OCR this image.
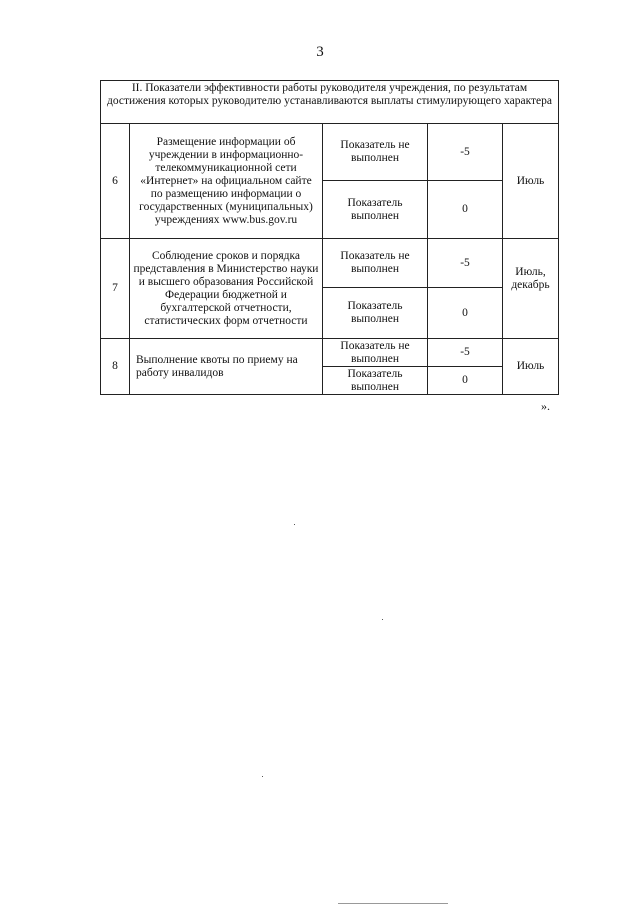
3
II. Показатели эффективности работы руководителя учреждения, по результатам достижения которых руководителю устанавливаются выплаты стимулирующего характера				
6	Размещение информации об учреждении в информационно-телекоммуникационной сети «Интернет» на официальном сайте по размещению информации о государственных (муниципальных) учреждениях www.bus.gov.ru	Показатель не выполнен	-5	Июль
		Показатель выполнен	0	
7	Соблюдение сроков и порядка представления в Министерство науки и высшего образования Российской Федерации бюджетной и бухгалтерской отчетности, статистических форм отчетности	Показатель не выполнен	-5	Июль, декабрь
		Показатель выполнен	0	
8	Выполнение квоты по приему на работу инвалидов	Показатель не выполнен	-5	Июль
		Показатель выполнен	0	
».
